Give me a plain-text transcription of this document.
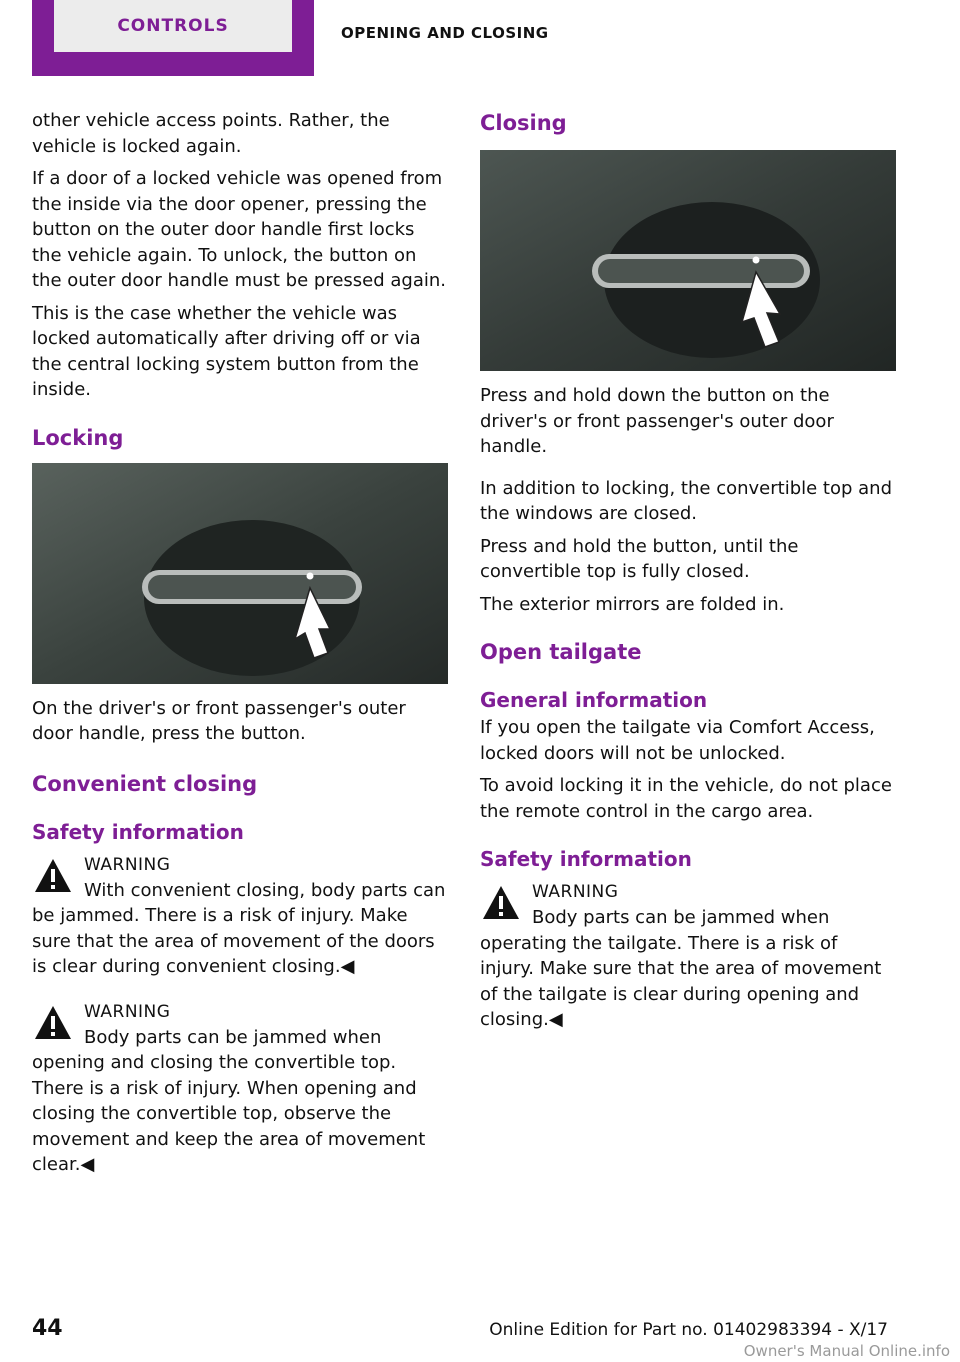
CONTROLS	OPENING AND CLOSING

other vehicle access points. Rather, the vehicle is locked again.

If a door of a locked vehicle was opened from the inside via the door opener, pressing the button on the outer door handle first locks the vehicle again. To unlock, the button on the outer door handle must be pressed again.

This is the case whether the vehicle was locked automatically after driving off or via the central locking system button from the inside.

Locking

On the driver's or front passenger's outer door handle, press the button.

Convenient closing
Safety information
WARNING

With convenient closing, body parts can be jammed. There is a risk of injury. Make sure that the area of movement of the doors is clear during convenient closing.◀

WARNING

Body parts can be jammed when opening and closing the convertible top. There is a risk of injury. When opening and closing the convertible top, observe the movement and keep the area of movement clear.◀

Closing

Press and hold down the button on the driver's or front passenger's outer door handle.

In addition to locking, the convertible top and the windows are closed.

Press and hold the button, until the convertible top is fully closed.

The exterior mirrors are folded in.

Open tailgate
General information

If you open the tailgate via Comfort Access, locked doors will not be unlocked.

To avoid locking it in the vehicle, do not place the remote control in the cargo area.

Safety information
WARNING

Body parts can be jammed when operating the tailgate. There is a risk of injury. Make sure that the area of movement of the tailgate is clear during opening and closing.◀

44	Online Edition for Part no. 01402983394 - X/17
Owner's Manual Online.info
